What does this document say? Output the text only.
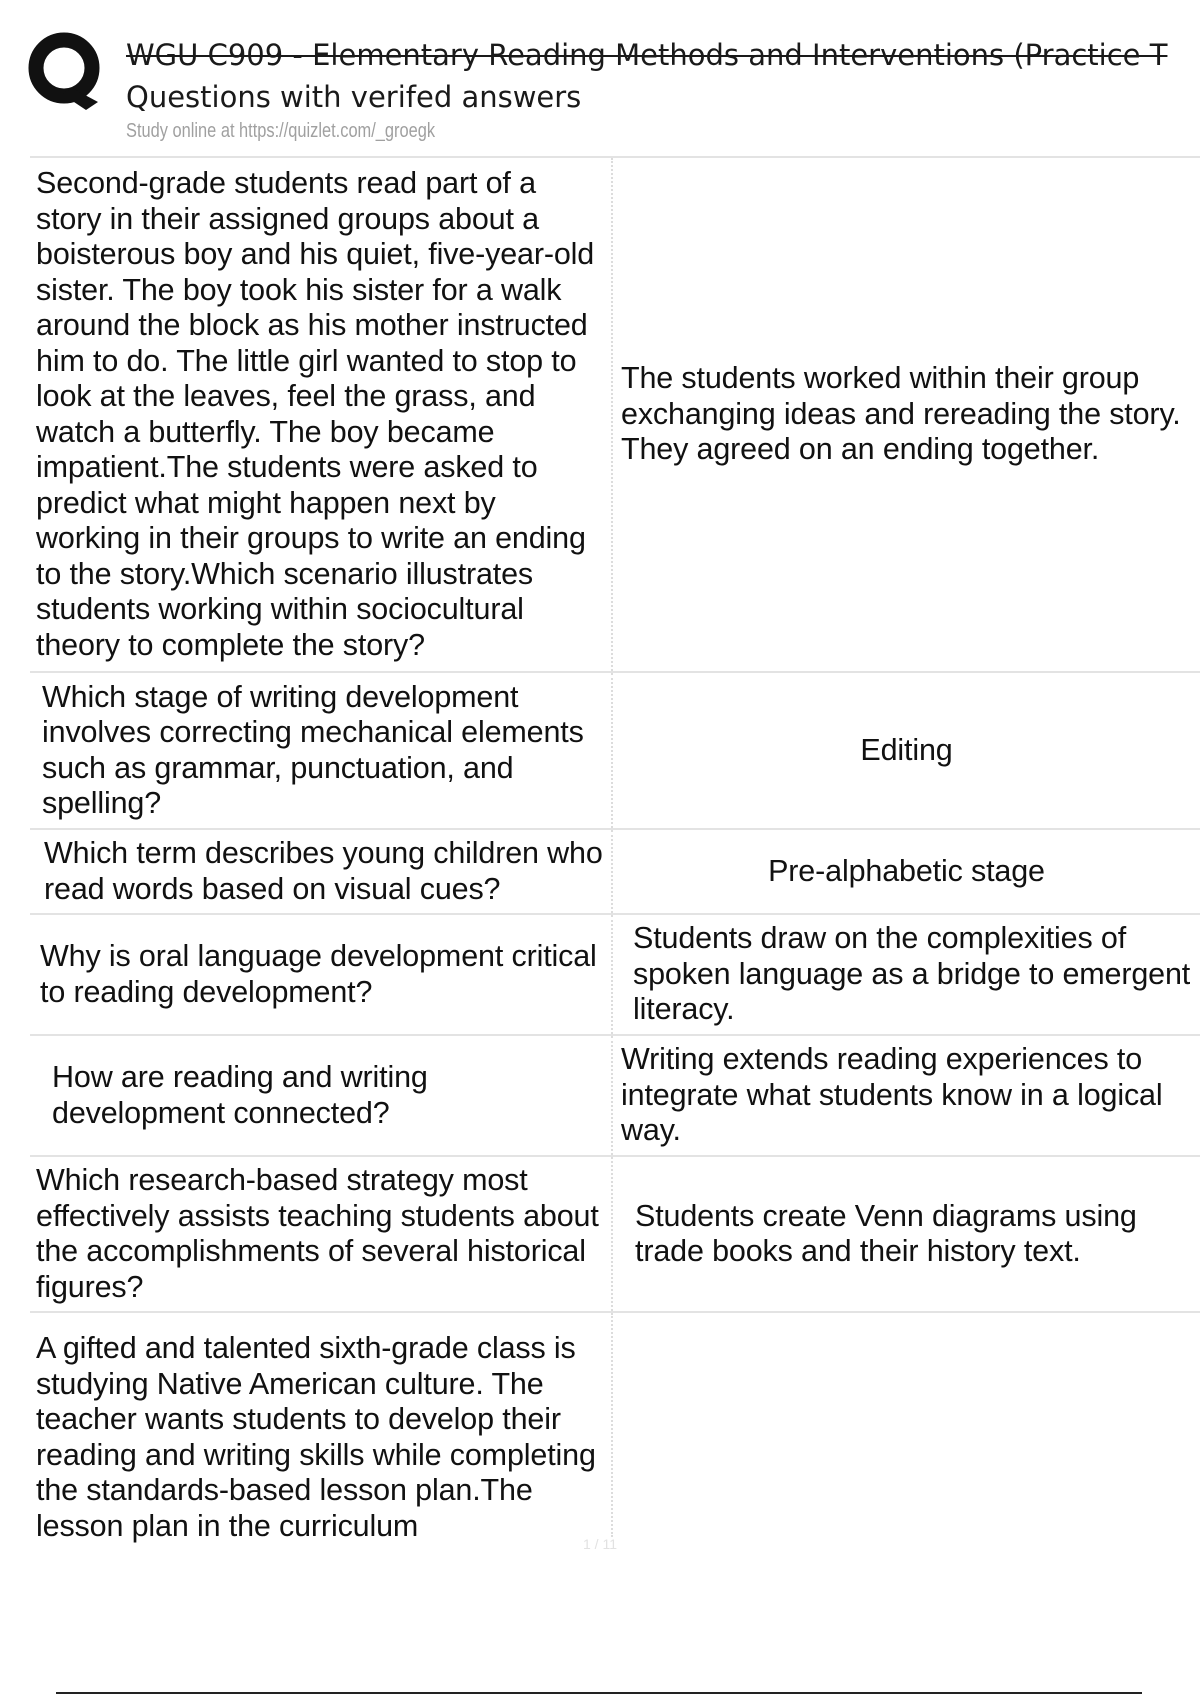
WGU C909 - Elementary Reading Methods and Interventions (Practice T
Questions with verifed answers
Study online at https://quizlet.com/_groegk
Second-grade students read part of a story in their assigned groups about a boisterous boy and his quiet, five-year-old sister. The boy took his sister for a walk around the block as his mother instructed him to do. The little girl wanted to stop to look at the leaves, feel the grass, and watch a butterfly. The boy became impatient.The students were asked to predict what might happen next by working in their groups to write an ending to the story.Which scenario illustrates students working within sociocultural theory to complete the story?
The students worked within their group exchanging ideas and rereading the story. They agreed on an ending together.
Which stage of writing development involves correcting mechanical elements such as grammar, punctuation, and spelling?
Editing
Which term describes young children who read words based on visual cues?
Pre-alphabetic stage
Why is oral language development critical to reading development?
Students draw on the complexities of spoken language as a bridge to emergent literacy.
How are reading and writing development connected?
Writing extends reading experiences to integrate what students know in a logical way.
Which research-based strategy most effectively assists teaching students about the accomplishments of several historical figures?
Students create Venn diagrams using trade books and their history text.
A gifted and talented sixth-grade class is studying Native American culture. The teacher wants students to develop their reading and writing skills while completing the standards-based lesson plan.The lesson plan in the curriculum
1 / 11
